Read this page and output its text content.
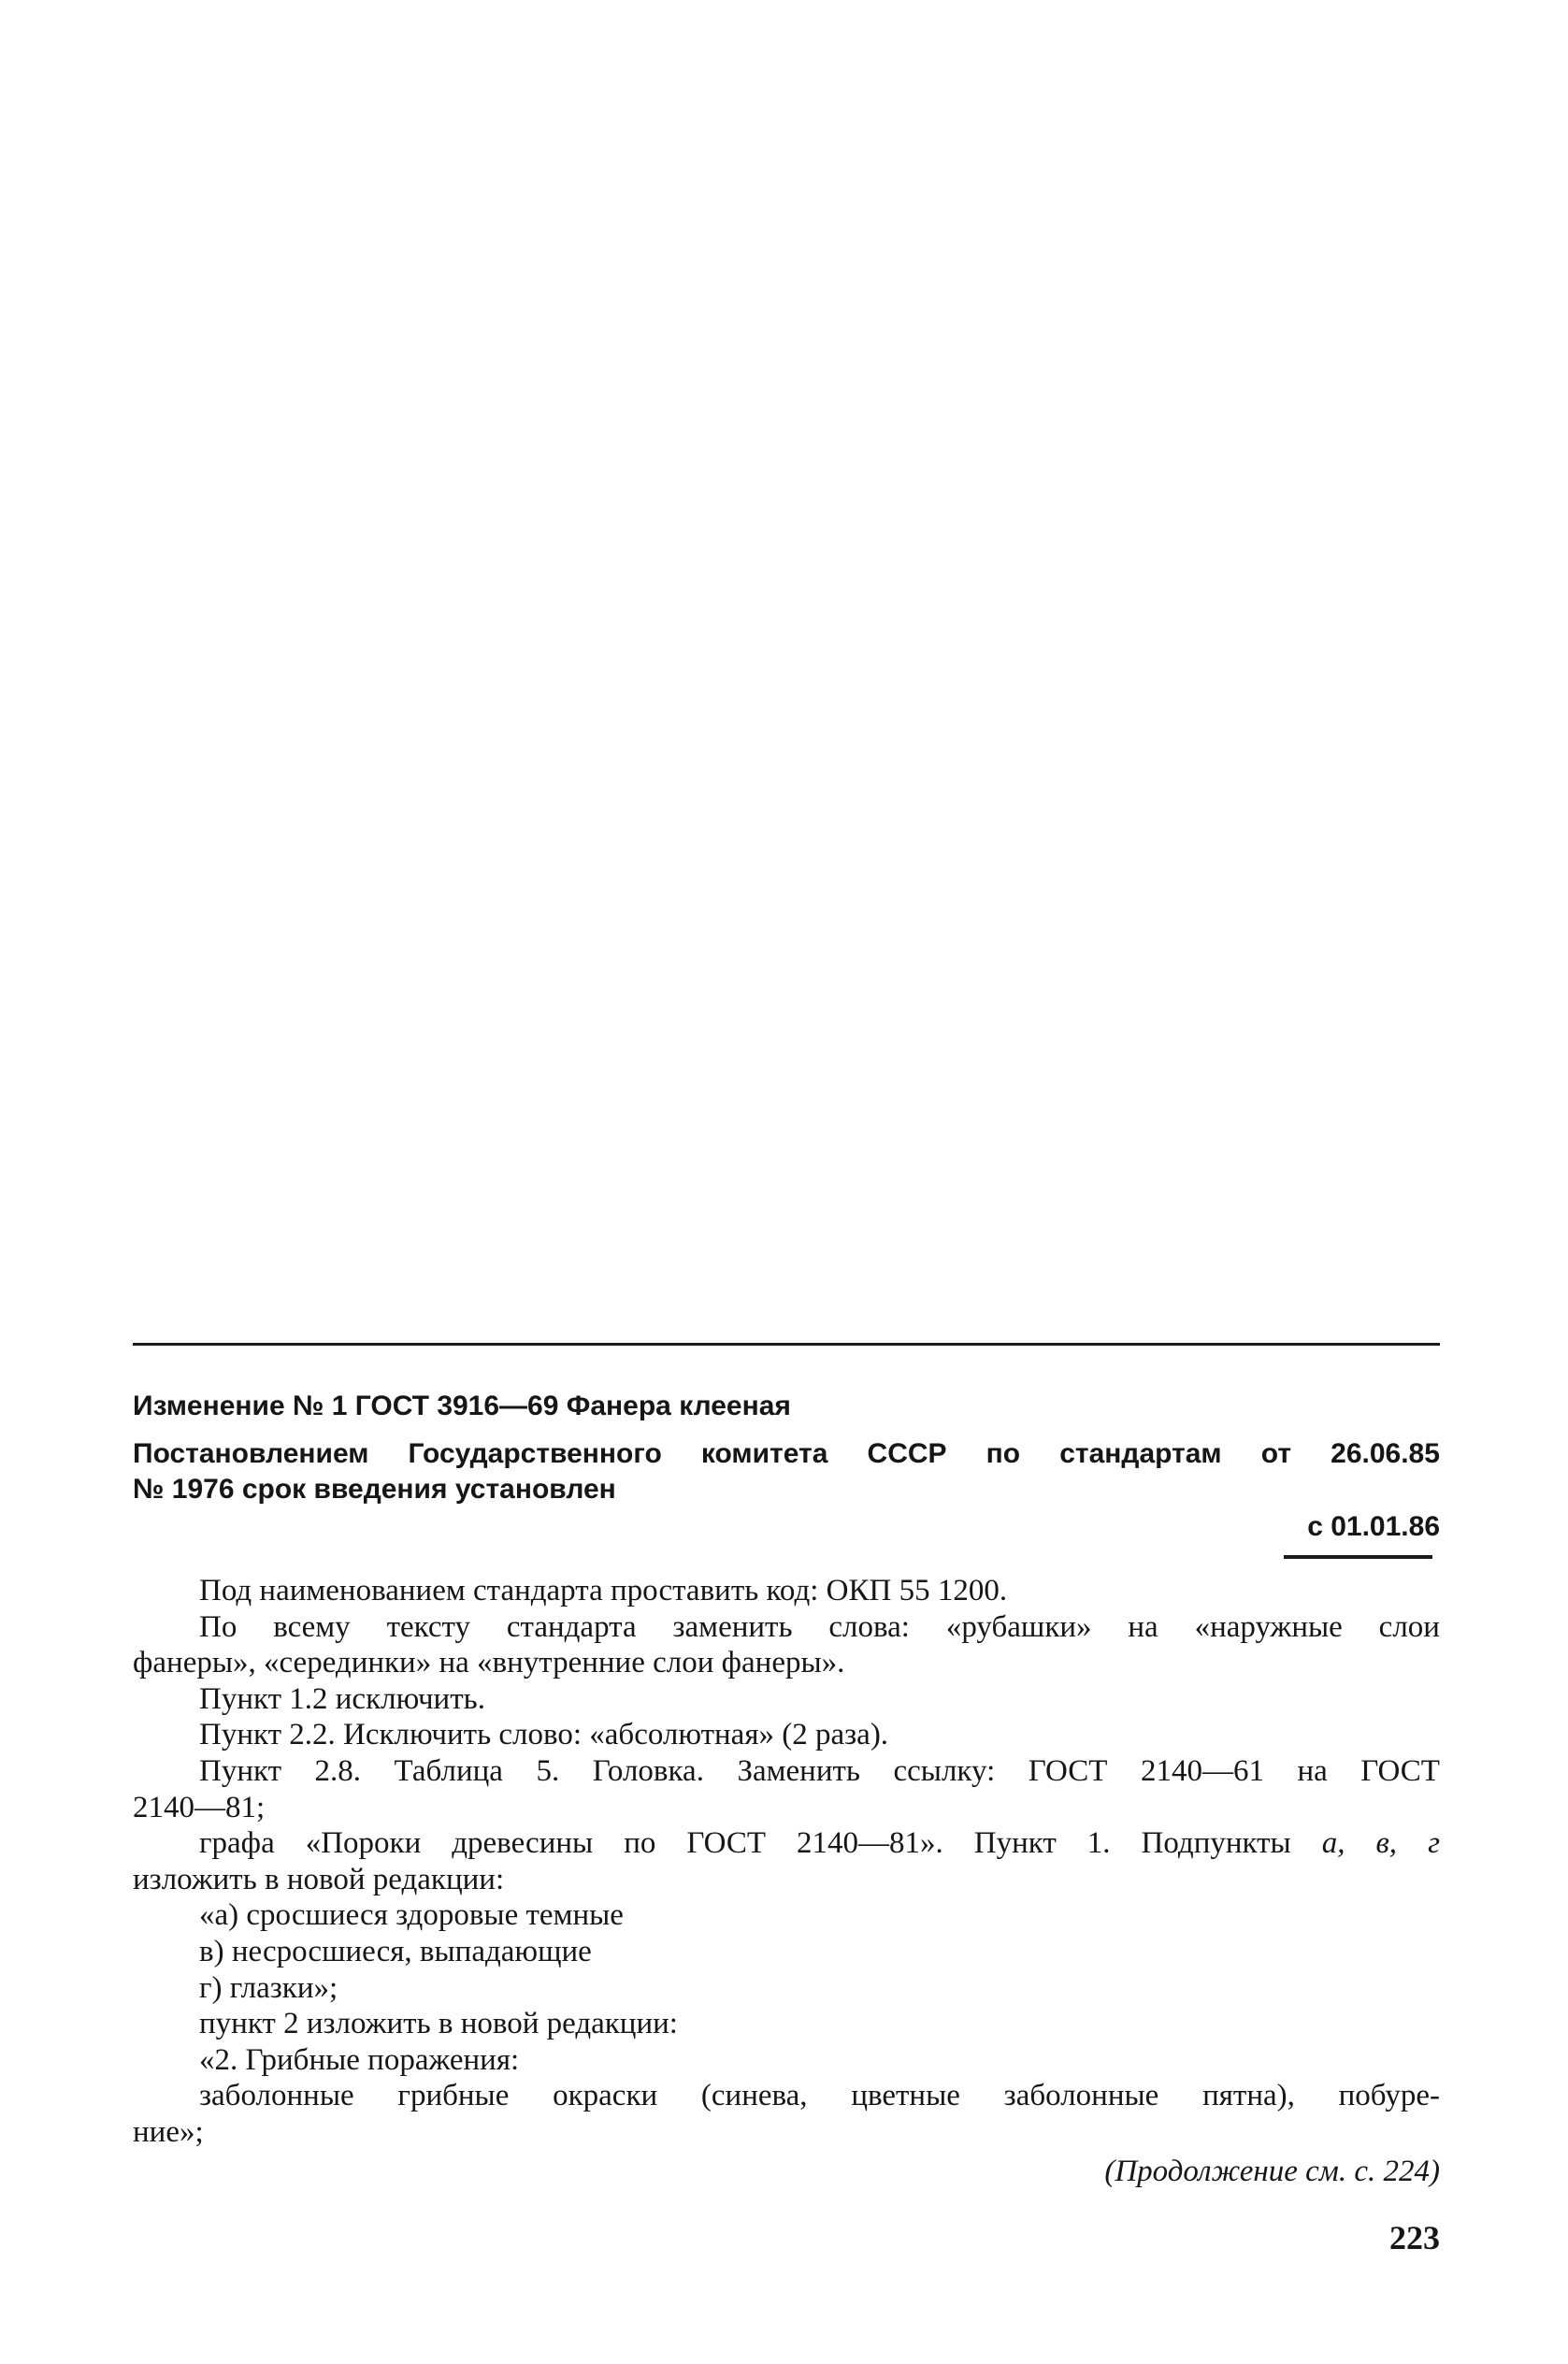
Изменение № 1 ГОСТ 3916—69 Фанера клееная
Постановлением Государственного комитета СССР по стандартам от 26.06.85
№ 1976 срок введения установлен
с 01.01.86
Под наименованием стандарта проставить код: ОКП 55 1200.
По всему тексту стандарта заменить слова: «рубашки» на «наружные слои
фанеры», «серединки» на «внутренние слои фанеры».
Пункт 1.2 исключить.
Пункт 2.2. Исключить слово: «абсолютная» (2 раза).
Пункт 2.8. Таблица 5. Головка. Заменить ссылку: ГОСТ 2140—61 на ГОСТ
2140—81;
графа «Пороки древесины по ГОСТ 2140—81». Пункт 1. Подпункты а, в, г
изложить в новой редакции:
«а) сросшиеся здоровые темные
в) несросшиеся, выпадающие
г) глазки»;
пункт 2 изложить в новой редакции:
«2. Грибные поражения:
заболонные грибные окраски (синева, цветные заболонные пятна), побуре-
ние»;
(Продолжение см. с. 224)
223
